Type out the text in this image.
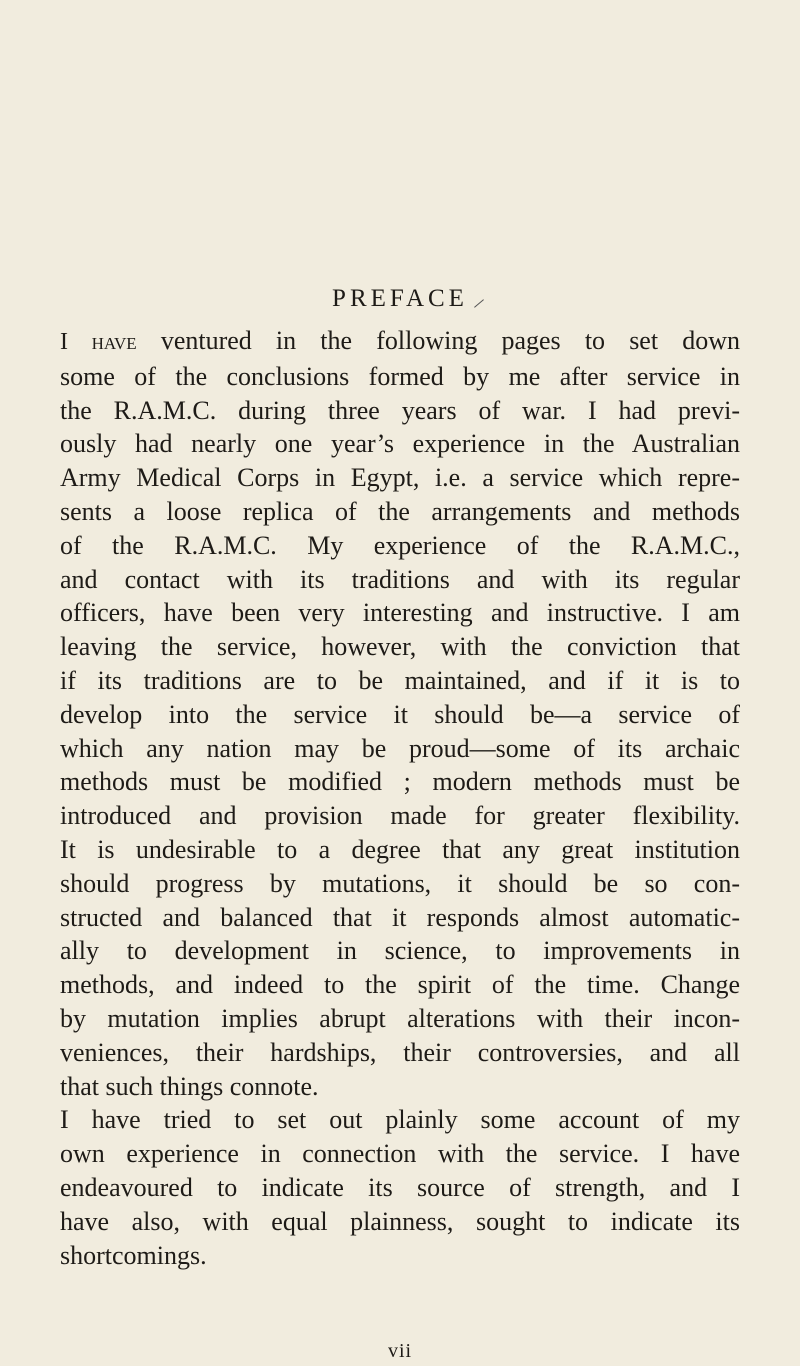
PREFACE

I have ventured in the following pages to set down
some of the conclusions formed by me after service in
the R.A.M.C. during three years of war. I had previ-
ously had nearly one year’s experience in the Australian
Army Medical Corps in Egypt, i.e. a service which repre-
sents a loose replica of the arrangements and methods
of the R.A.M.C. My experience of the R.A.M.C.,
and contact with its traditions and with its regular
officers, have been very interesting and instructive. I am
leaving the service, however, with the conviction that
if its traditions are to be maintained, and if it is to
develop into the service it should be—a service of
which any nation may be proud—some of its archaic
methods must be modified ; modern methods must be
introduced and provision made for greater flexibility.
It is undesirable to a degree that any great institution
should progress by mutations, it should be so con-
structed and balanced that it responds almost automatic-
ally to development in science, to improvements in
methods, and indeed to the spirit of the time. Change
by mutation implies abrupt alterations with their incon-
veniences, their hardships, their controversies, and all
that such things connote.

I have tried to set out plainly some account of my
own experience in connection with the service. I have
endeavoured to indicate its source of strength, and I
have also, with equal plainness, sought to indicate its
shortcomings.

vii
